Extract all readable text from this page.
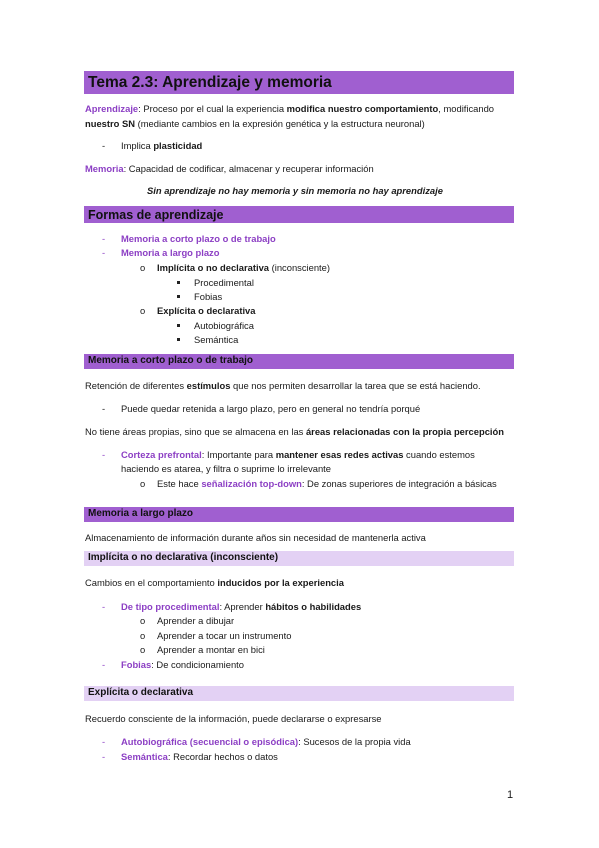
Tema 2.3: Aprendizaje y memoria
Aprendizaje: Proceso por el cual la experiencia modifica nuestro comportamiento, modificando
nuestro SN (mediante cambios en la expresión genética y la estructura neuronal)
- Implica plasticidad
Memoria: Capacidad de codificar, almacenar y recuperar información
Sin aprendizaje no hay memoria y sin memoria no hay aprendizaje
Formas de aprendizaje
- Memoria a corto plazo o de trabajo
- Memoria a largo plazo
o Implícita o no declarativa (inconsciente)
Procedimental
Fobias
o Explícita o declarativa
Autobiográfica
Semántica
Memoria a corto plazo o de trabajo
Retención de diferentes estímulos que nos permiten desarrollar la tarea que se está haciendo.
- Puede quedar retenida a largo plazo, pero en general no tendría porqué
No tiene áreas propias, sino que se almacena en las áreas relacionadas con la propia percepción
- Corteza prefrontal: Importante para mantener esas redes activas cuando estemos
haciendo es atarea, y filtra o suprime lo irrelevante
o Este hace señalización top-down: De zonas superiores de integración a básicas
Memoria a largo plazo
Almacenamiento de información durante años sin necesidad de mantenerla activa
Implícita o no declarativa (inconsciente)
Cambios en el comportamiento inducidos por la experiencia
- De tipo procedimental: Aprender hábitos o habilidades
o Aprender a dibujar
o Aprender a tocar un instrumento
o Aprender a montar en bici
- Fobias: De condicionamiento
Explícita o declarativa
Recuerdo consciente de la información, puede declararse o expresarse
- Autobiográfica (secuencial o episódica): Sucesos de la propia vida
- Semántica: Recordar hechos o datos
1
